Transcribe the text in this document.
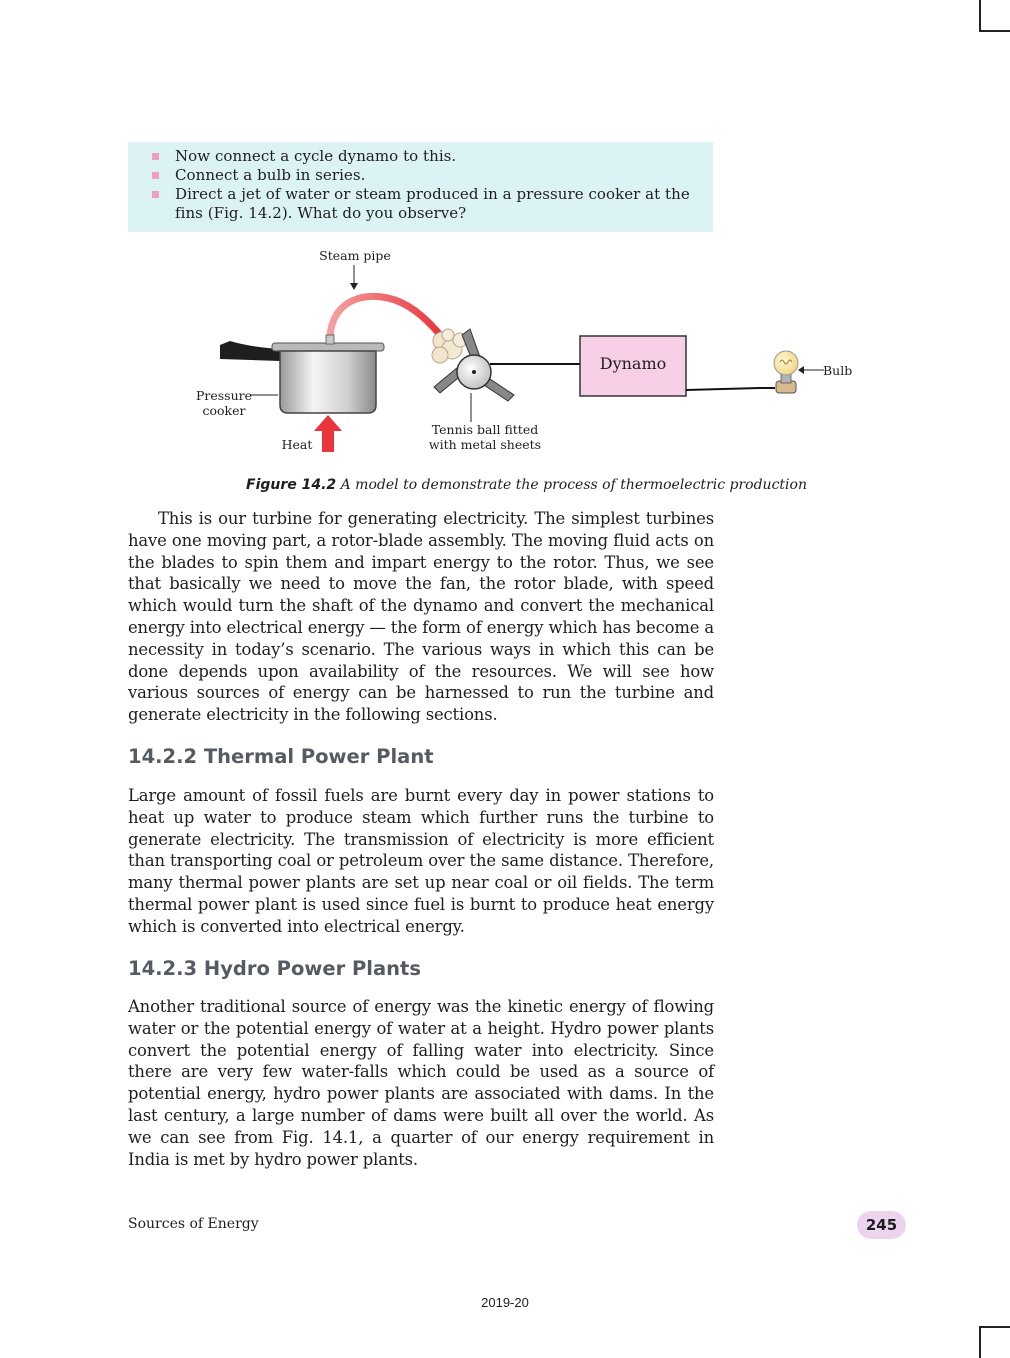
Now connect a cycle dynamo to this.
Connect a bulb in series.
Direct a jet of water or steam produced in a pressure cooker at the fins (Fig. 14.2). What do you observe?
Steam pipe
Pressure cooker
Heat
Tennis ball fitted with metal sheets
Dynamo	Bulb
Figure 14.2 A model to demonstrate the process of thermoelectric production

This is our turbine for generating electricity. The simplest turbines have one moving part, a rotor-blade assembly. The moving fluid acts on the blades to spin them and impart energy to the rotor. Thus, we see that basically we need to move the fan, the rotor blade, with speed which would turn the shaft of the dynamo and convert the mechanical energy into electrical energy — the form of energy which has become a necessity in today’s scenario. The various ways in which this can be done depends upon availability of the resources. We will see how various sources of energy can be harnessed to run the turbine and generate electricity in the following sections.

14.2.2 Thermal Power Plant

Large amount of fossil fuels are burnt every day in power stations to heat up water to produce steam which further runs the turbine to generate electricity. The transmission of electricity is more efficient than transporting coal or petroleum over the same distance. Therefore, many thermal power plants are set up near coal or oil fields. The term thermal power plant is used since fuel is burnt to produce heat energy which is converted into electrical energy.

14.2.3 Hydro Power Plants

Another traditional source of energy was the kinetic energy of flowing water or the potential energy of water at a height. Hydro power plants convert the potential energy of falling water into electricity. Since there are very few water-falls which could be used as a source of potential energy, hydro power plants are associated with dams. In the last century, a large number of dams were built all over the world. As we can see from Fig. 14.1, a quarter of our energy requirement in India is met by hydro power plants.

Sources of Energy	245
2019-20
